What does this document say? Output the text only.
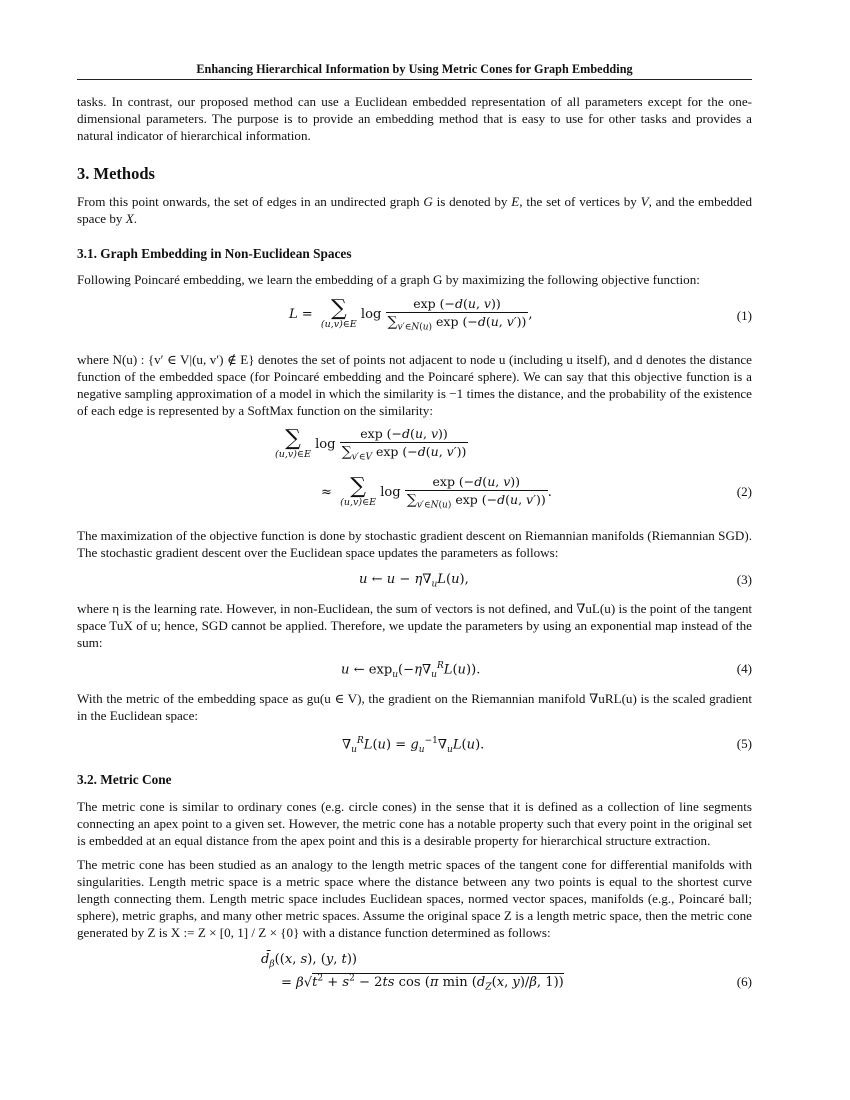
Enhancing Hierarchical Information by Using Metric Cones for Graph Embedding

tasks. In contrast, our proposed method can use a Euclidean embedded representation of all parameters except for the one-dimensional parameters. The purpose is to provide an embedding method that is easy to use for other tasks and provides a natural indicator of hierarchical information.

3. Methods

From this point onwards, the set of edges in an undirected graph G is denoted by E, the set of vertices by V, and the embedded space by X.

3.1. Graph Embedding in Non-Euclidean Spaces

Following Poincaré embedding, we learn the embedding of a graph G by maximizing the following objective function:

L = ∑
(u,v)∈E
$\log \frac{\exp (-d(u, v))}{\sum_{v'\in N(u)} \exp (-d(u, v'))}$ ,	(1)

where N(u) : {v′ ∈ V|(u, v′) ∉ E} denotes the set of points not adjacent to node u (including u itself), and d denotes the distance function of the embedded space (for Poincaré embedding and the Poincaré sphere). We can say that this objective function is a negative sampling approximation of a model in which the similarity is −1 times the distance, and the probability of the existence of each edge is represented by a SoftMax function on the similarity:

∑
(u,v)∈E
$\log \frac{\exp (-d(u, v))}{\sum_{v'\in V} \exp (-d(u, v'))}$
≈ ∑
(u,v)∈E
$\log \frac{\exp (-d(u, v))}{\sum_{v'\in N(u)} \exp (-d(u, v'))}$ .	(2)

The maximization of the objective function is done by stochastic gradient descent on Riemannian manifolds (Riemannian SGD). The stochastic gradient descent over the Euclidean space updates the parameters as follows:

u ← $u - \eta\nabla_uL(u)$,	(3)

where η is the learning rate. However, in non-Euclidean, the sum of vectors is not defined, and ∇uL(u) is the point of the tangent space TuX of u; hence, SGD cannot be applied. Therefore, we update the parameters by using an exponential map instead of the sum:

u ← $\exp_u(-\eta\nabla_u^RL(u))$.	(4)

With the metric of the embedding space as gu(u ∈ V), the gradient on the Riemannian manifold ∇uRL(u) is the scaled gradient in the Euclidean space:

$\nabla_u^RL(u) = g_u^{-1}\nabla_uL(u)$.	(5)
3.2. Metric Cone

The metric cone is similar to ordinary cones (e.g. circle cones) in the sense that it is defined as a collection of line segments connecting an apex point to a given set. However, the metric cone has a notable property such that every point in the original set is embedded at an equal distance from the apex point and this is a desirable property for hierarchical structure extraction.

The metric cone has been studied as an analogy to the length metric spaces of the tangent cone for differential manifolds with singularities. Length metric space is a metric space where the distance between any two points is equal to the shortest curve length connecting them. Length metric space includes Euclidean spaces, normed vector spaces, manifolds (e.g., Poincaré ball; sphere), metric graphs, and many other metric spaces. Assume the original space Z is a length metric space, then the metric cone generated by Z is X := Z × [0, 1] / Z × {0} with a distance function determined as follows:

$d̄_\beta((x$, s), (y, t))
= $\beta√t^2 + s^2 - 2ts$ cos (π $\min (d_Z(x$, y)/β, 1))	(6)
